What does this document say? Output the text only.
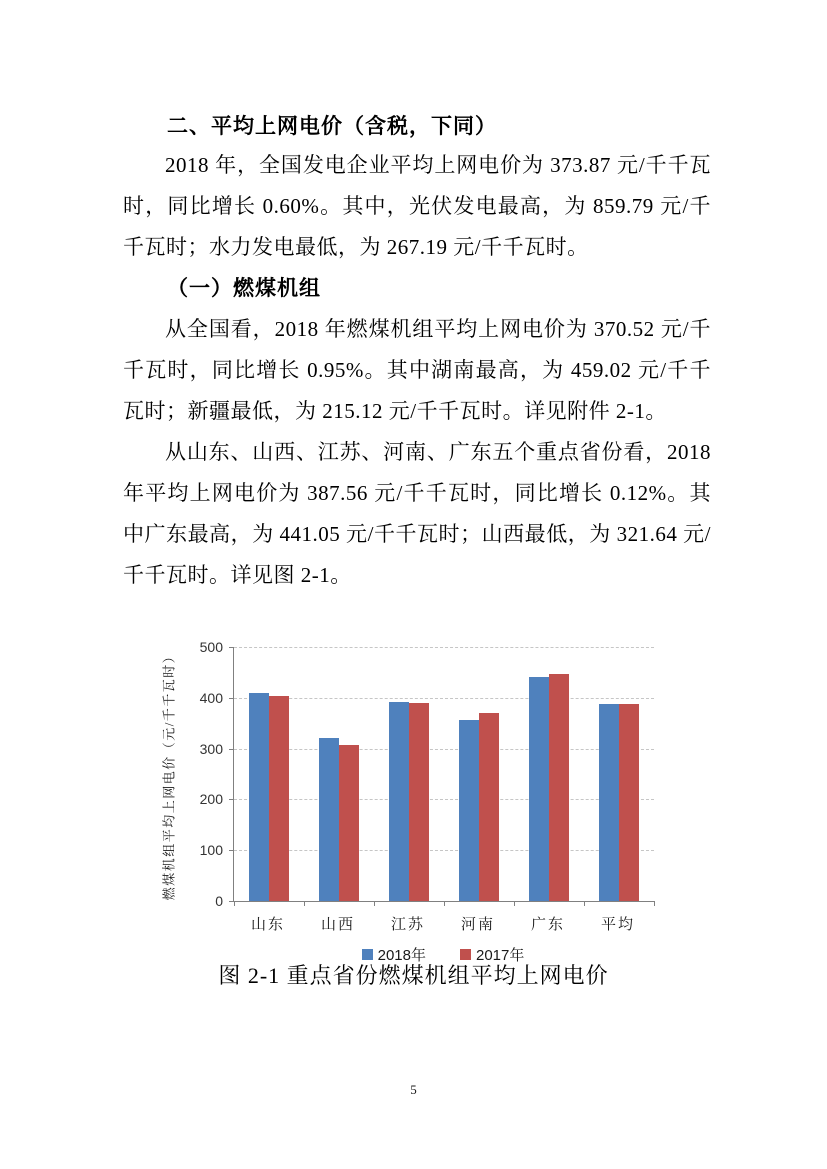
二、平均上网电价（含税，下同）

2018 年，全国发电企业平均上网电价为 373.87 元/千千瓦时，同比增长 0.60%。其中，光伏发电最高，为 859.79 元/千千瓦时；水力发电最低，为 267.19 元/千千瓦时。

（一）燃煤机组

从全国看，2018 年燃煤机组平均上网电价为 370.52 元/千千瓦时，同比增长 0.95%。其中湖南最高，为 459.02 元/千千瓦时；新疆最低，为 215.12 元/千千瓦时。详见附件 2-1。

从山东、山西、江苏、河南、广东五个重点省份看，2018 年平均上网电价为 387.56 元/千千瓦时，同比增长 0.12%。其中广东最高，为 441.05 元/千千瓦时；山西最低，为 321.64 元/千千瓦时。详见图 2-1。

燃煤机组平均上网电价（元/千千瓦时）
0
100
200
300
400
500
山东	山西	江苏	河南	广东	平均
2018年	2017年
图 2-1 重点省份燃煤机组平均上网电价
5
